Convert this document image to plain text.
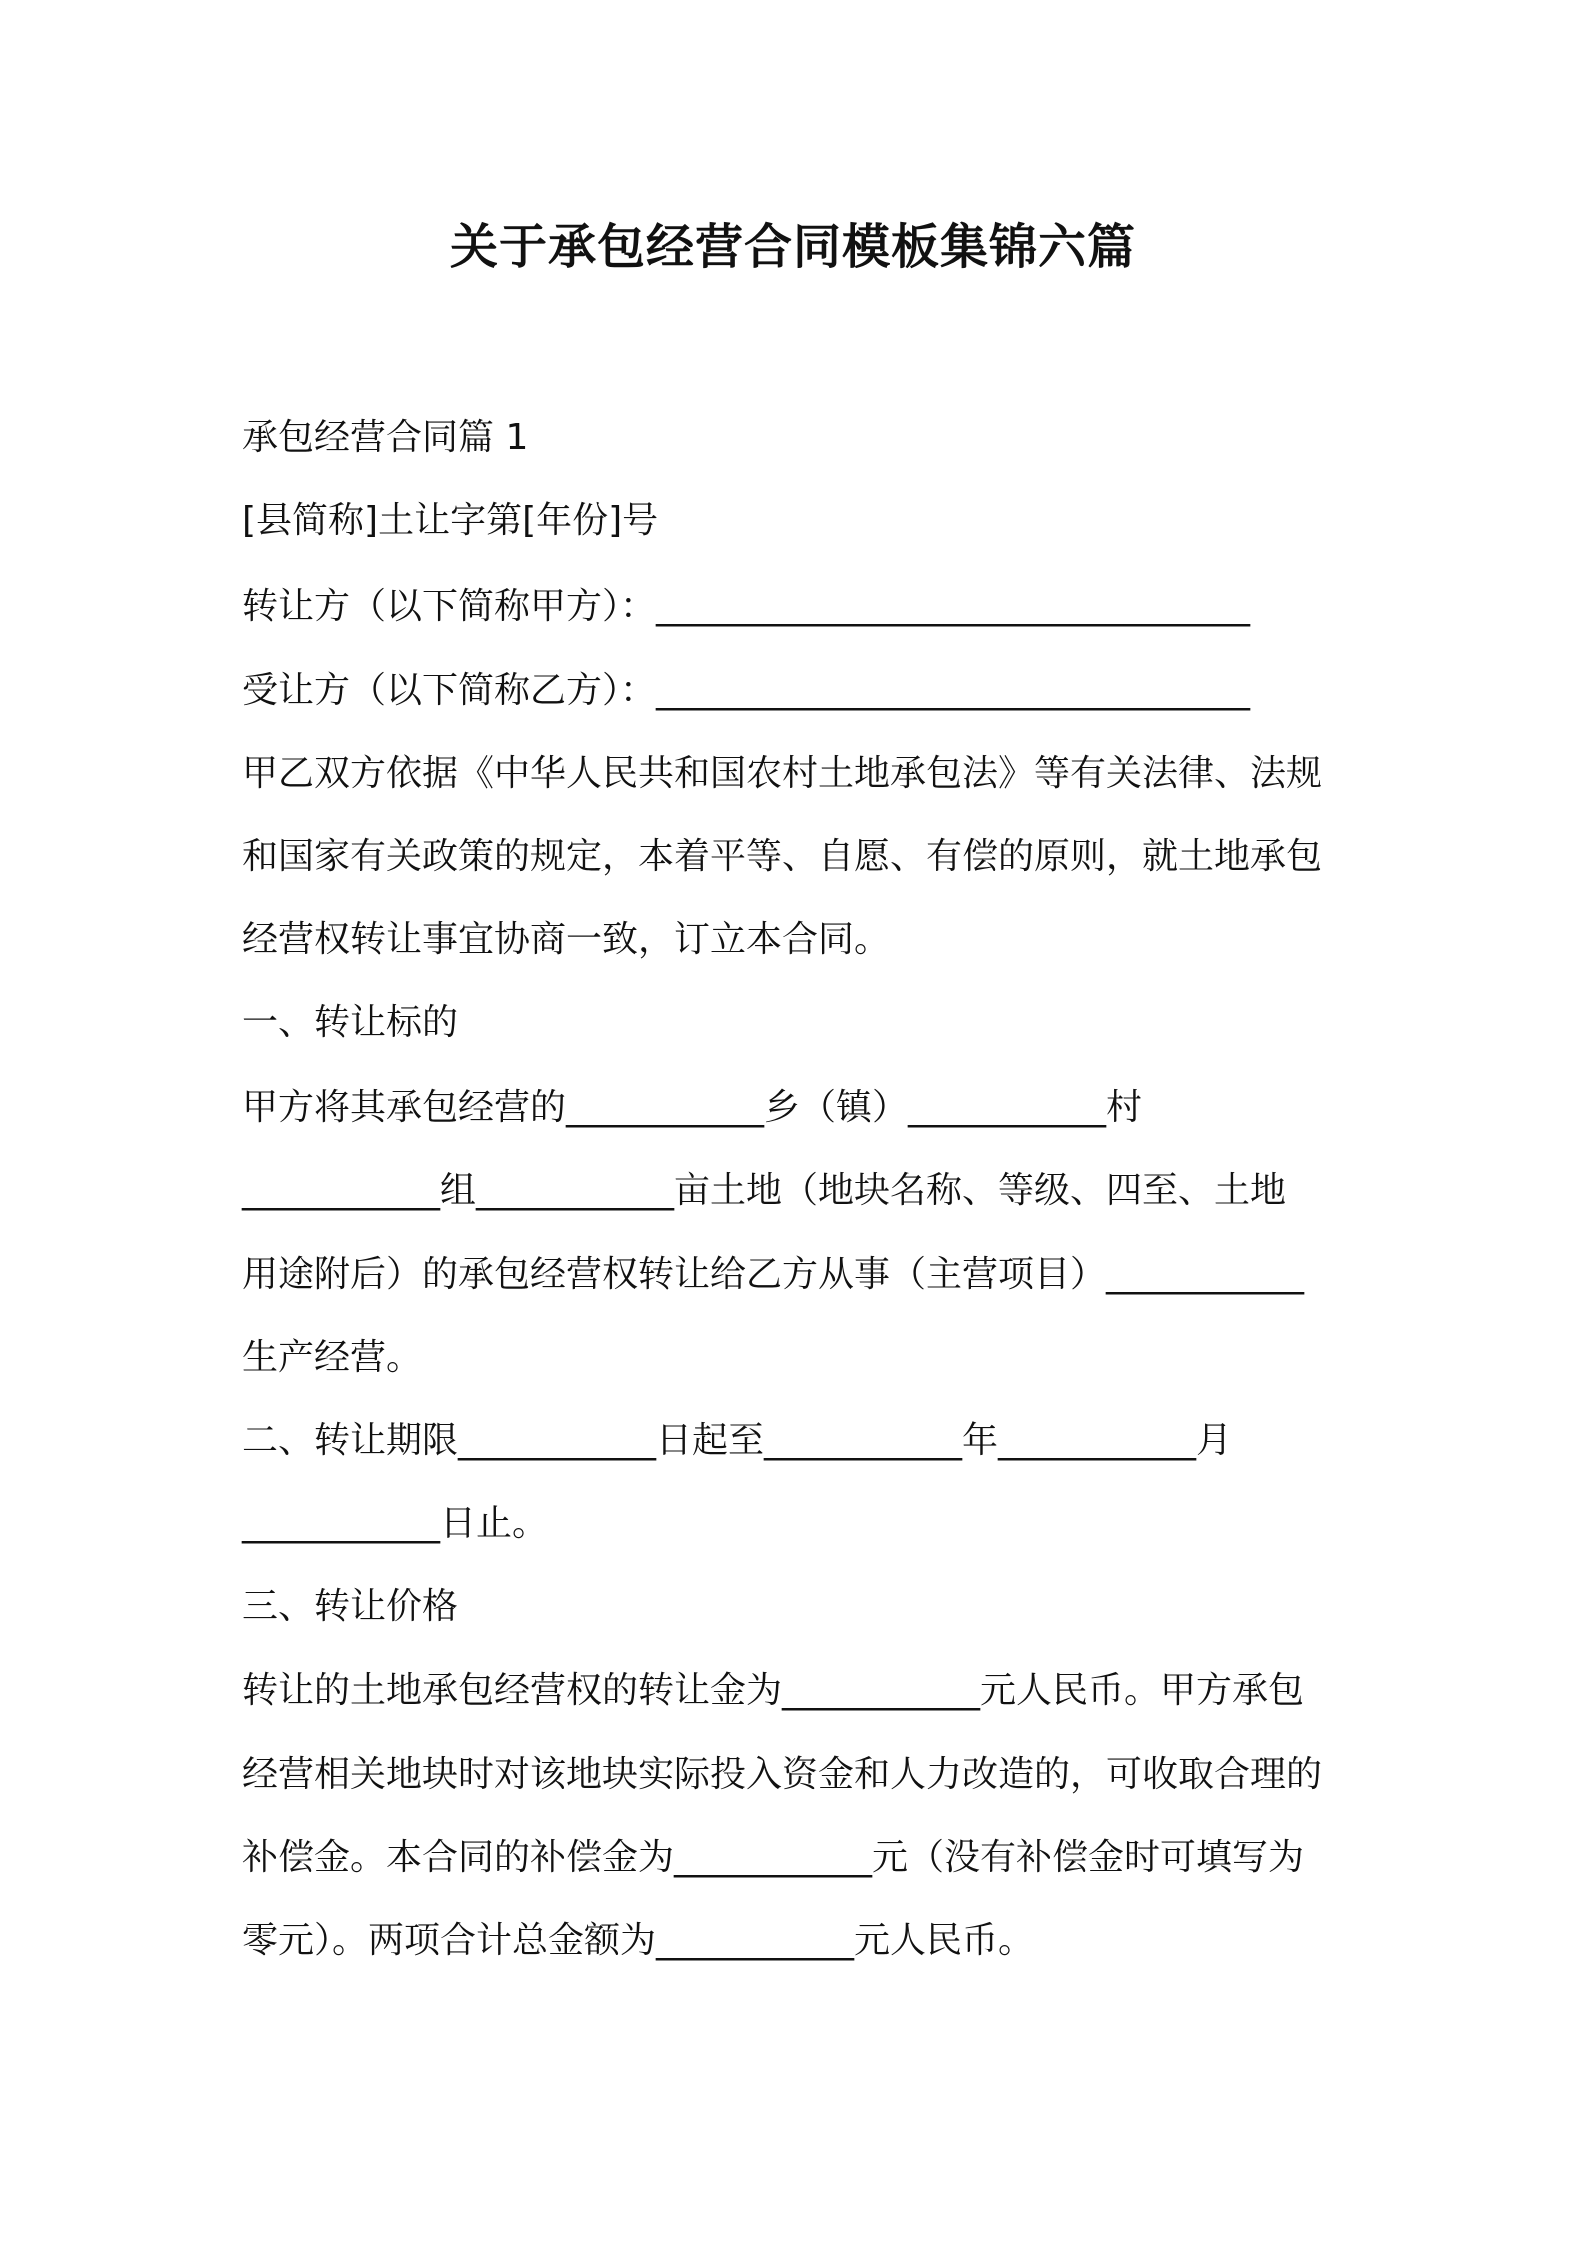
关于承包经营合同模板集锦六篇
承包经营合同篇 1
[县简称]土让字第[年份]号
转让方（以下简称甲方）：_________________________________
受让方（以下简称乙方）：_________________________________
甲乙双方依据《中华人民共和国农村土地承包法》等有关法律、法规
和国家有关政策的规定，本着平等、自愿、有偿的原则，就土地承包
经营权转让事宜协商一致，订立本合同。
一、转让标的
甲方将其承包经营的___________乡（镇）___________村
___________组___________亩土地（地块名称、等级、四至、土地
用途附后）的承包经营权转让给乙方从事（主营项目）___________
生产经营。
二、转让期限___________日起至___________年___________月
___________日止。
三、转让价格
转让的土地承包经营权的转让金为___________元人民币。甲方承包
经营相关地块时对该地块实际投入资金和人力改造的，可收取合理的
补偿金。本合同的补偿金为___________元（没有补偿金时可填写为
零元）。两项合计总金额为___________元人民币。
